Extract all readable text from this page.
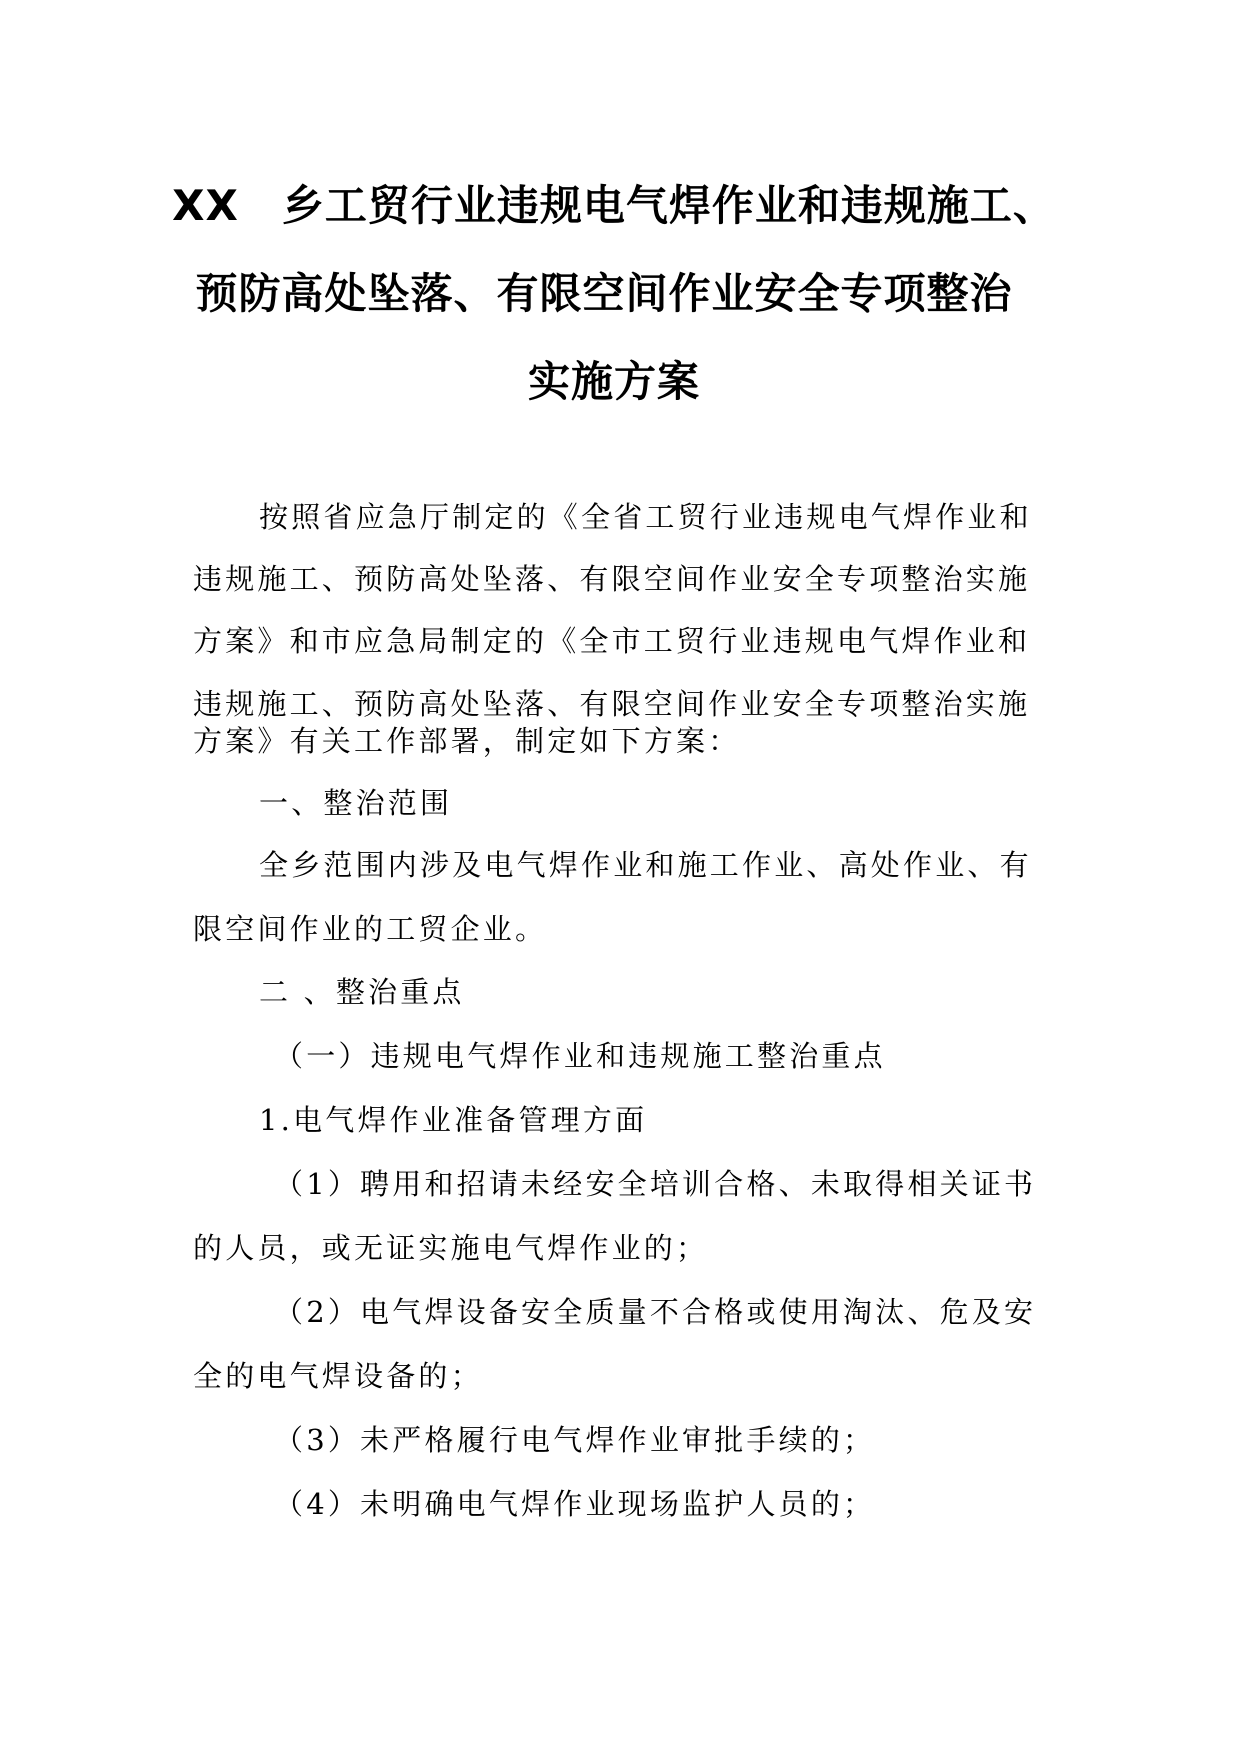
XX　乡工贸行业违规电气焊作业和违规施工、
预防高处坠落、有限空间作业安全专项整治
实施方案
按照省应急厅制定的《全省工贸行业违规电气焊作业和
违规施工、预防高处坠落、有限空间作业安全专项整治实施
方案》和市应急局制定的《全市工贸行业违规电气焊作业和
违规施工、预防高处坠落、有限空间作业安全专项整治实施
方案》有关工作部署，制定如下方案：
一、整治范围
全乡范围内涉及电气焊作业和施工作业、高处作业、有
限空间作业的工贸企业。
二 、整治重点
（一）违规电气焊作业和违规施工整治重点
1.电气焊作业准备管理方面
（1）聘用和招请未经安全培训合格、未取得相关证书
的人员，或无证实施电气焊作业的；
（2）电气焊设备安全质量不合格或使用淘汰、危及安
全的电气焊设备的；
（3）未严格履行电气焊作业审批手续的；
（4）未明确电气焊作业现场监护人员的；
